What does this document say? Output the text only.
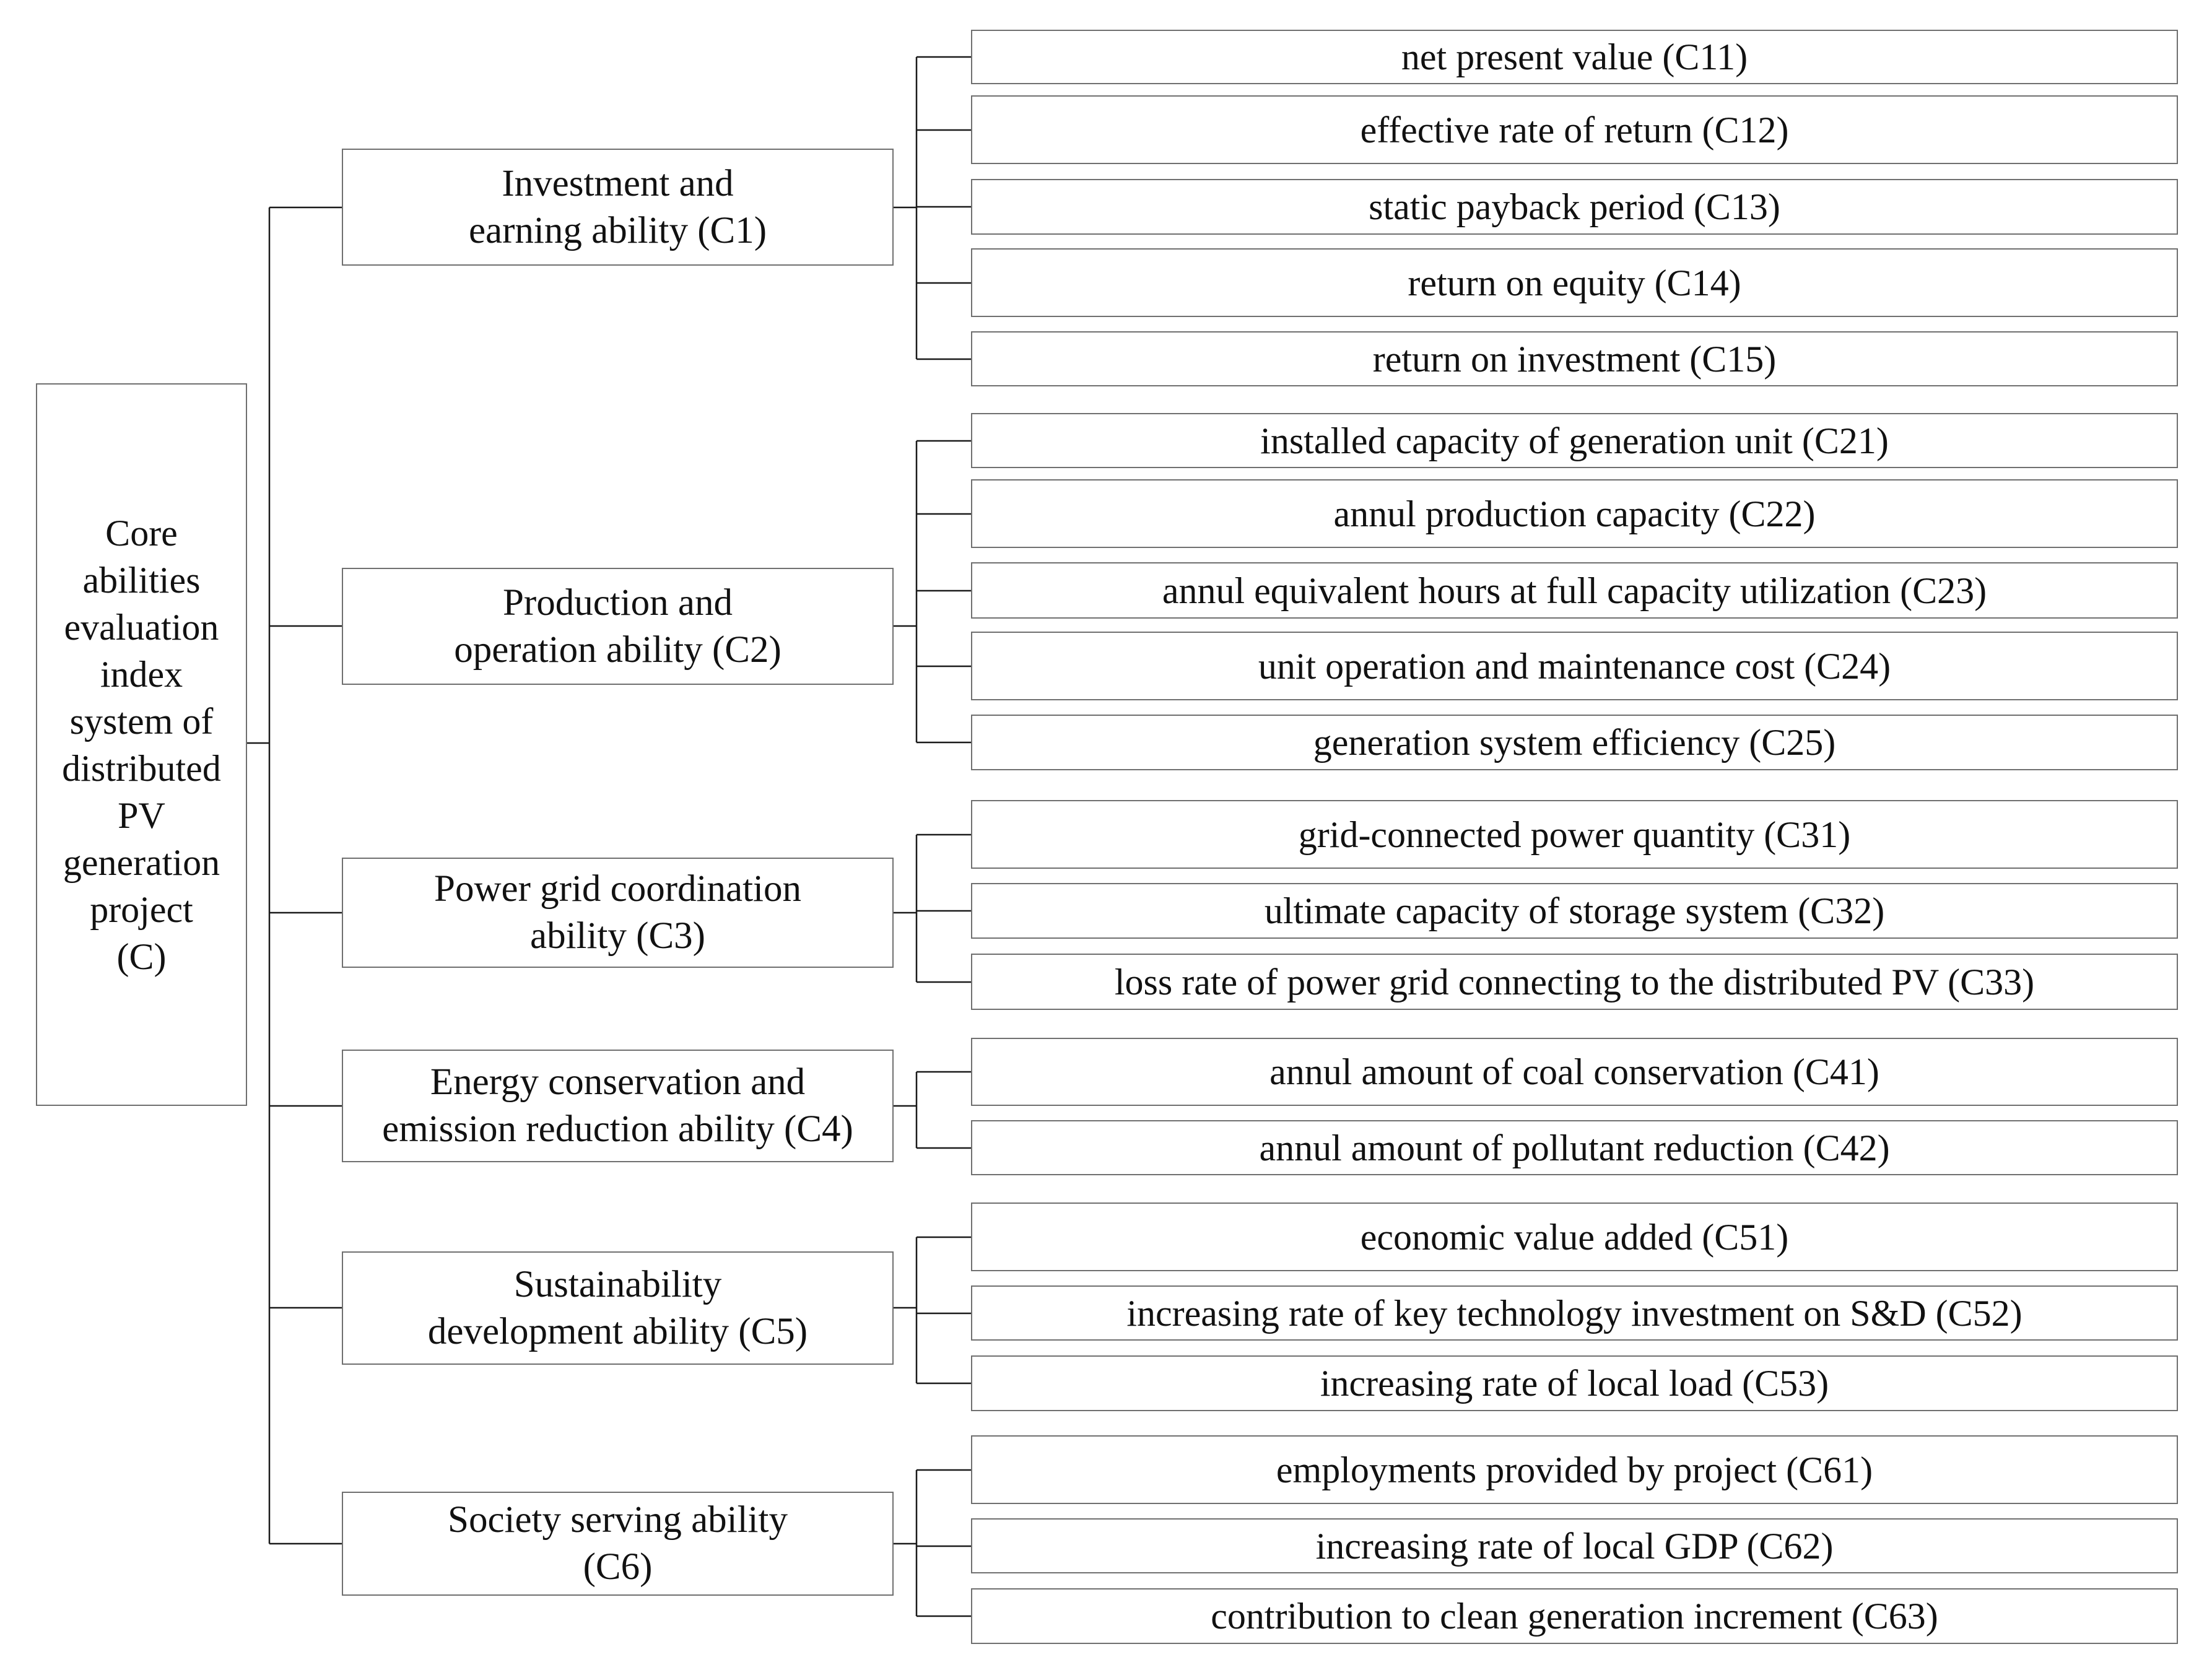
Core
abilities
evaluation
index
system of
distributed
PV
generation
project
(C)
Investment and
earning ability (C1)
Production and
operation ability (C2)
Power grid coordination
ability (C3)
Energy conservation and
emission reduction ability (C4)
Sustainability
development ability (C5)
Society serving ability
(C6)
net present value (C11)
effective rate of return (C12)
static payback period (C13)
return on equity (C14)
return on investment (C15)
installed capacity of generation unit (C21)
annul production capacity (C22)
annul equivalent hours at full capacity utilization (C23)
unit operation and maintenance cost (C24)
generation system efficiency (C25)
grid-connected power quantity (C31)
ultimate capacity of storage system (C32)
loss rate of power grid connecting to the distributed PV (C33)
annul amount of coal conservation (C41)
annul amount of pollutant reduction (C42)
economic value added (C51)
increasing rate of key technology investment on S&D (C52)
increasing rate of local load (C53)
employments provided by project (C61)
increasing rate of local GDP (C62)
contribution to clean generation increment (C63)
